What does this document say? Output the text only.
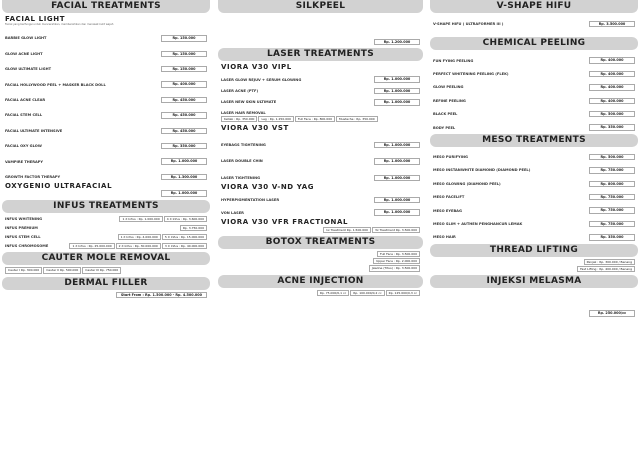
FACIAL TREATMENTS
FACIAL LIGHT
Facial yang berfungsi untuk mencerahkan, membersihkan dan merawat kulit wajah
BARBIE GLOW LIGHT	Rp. 150.000
GLOW ACNE LIGHT	Rp. 150.000
GLOW ULTIMATE LIGHT	Rp. 150.000
FACIAL HOLLYWOOD PEEL + MASKER BLACK DOLL	Rp. 400.000
FACIAL ACNE CLEAR	Rp. 450.000
FACIAL STEM CELL	Rp. 450.000
FACIAL ULTIMATE INTENSIVE	Rp. 450.000
FACIAL OXY GLOW	Rp. 350.000
VAMPIRE THERAPY	Rp. 1.000.000
GROWTH FACTOR THERAPY	Rp. 1.300.000
OXYGENIO ULTRAFACIAL
Rp. 1.000.000
INFUS TREATMENTS
INFUS WHITENING	1 X Infus : Rp. 1.000.000	4 X Infus : Rp. 3.600.000
INFUS PREMIUM	Rp. 3.750.000
INFUS STEM CELL	1 X Infus : Rp. 4.000.000	5 X Infus : Rp. 15.000.000
INFUS CHROMOSOME	1 X Infus : Rp. 25.000.000	2 X Infus : Rp. 30.000.000	3 X Infus : Rp. 40.000.000
CAUTER MOLE REMOVAL
Cauter I Rp. 300.000	Cauter II Rp. 500.000	Cauter III Rp. 750.000
DERMAL FILLER
Start From : Rp. 1.500.000 - Rp. 4.500.000
SILKPEEL
Rp. 1.200.000
LASER TREATMENTS
VIORA V30 VIPL
LASER GLOW REJUV + SERUM GLOWING	Rp. 1.000.000
LASER ACNE (PTF)	Rp. 1.000.000
LASER NEW SKIN ULTIMATE	Rp. 1.000.000
LASER HAIR REMOVAL
Ketiak : Rp. 350.000	Leg : Rp. 1.250.000	Full Face : Rp. 800.000	Mustache : Rp. 350.000
VIORA V30 VST
EYEBAGS TIGHTENING	Rp. 1.000.000
LASER DOUBLE CHIN	Rp. 1.000.000
LASER TIGHTENING	Rp. 1.000.000
VIORA V30 V-ND YAG
HYPERPIGMENTATION LASER	Rp. 1.000.000
VON LASER	Rp. 1.000.000
VIORA V30 VFR FRACTIONAL
1x Treatment Rp. 1.500.000	3x Treatment Rp. 3.500.000
BOTOX TREATMENTS
Full Face : Rp. 3.500.000
Upper Face : Rp. 2.000.000
Jawline (Titus) : Rp. 3.500.000
ACNE INJECTION
Rp. 75.000/0,1 cc	Rp. 100.000/0,2 cc	Rp. 125.000/0,3 cc
V-SHAPE HIFU
V-SHAPE HIFU ( ULTRAFORMER III )	Rp. 3.500.000
CHEMICAL PEELING
FUN FYING PEELING	Rp. 400.000
PERFECT WHITENING PEELING (FLEK)	Rp. 400.000
GLOW PEELING	Rp. 400.000
REFINE PEELING	Rp. 400.000
BLACK PEEL	Rp. 500.000
BODY PEEL	Rp. 350.000
MESO TREATMENTS
MESO PURIFYING	Rp. 500.000
MESO INSTANWHITE DIAMOND (DIAMOND PEEL)	Rp. 750.000
MESO GLOWING (DIAMOND PEEL)	Rp. 800.000
MESO FACELIFT	Rp. 750.000
MESO EYEBAG	Rp. 750.000
MESO SLIM + AUTHEN PENGHANCUR LEMAK	Rp. 750.000
MESO HAIR	Rp. 350.000
THREAD LIFTING
Panjak : Rp. 300.000 / Benang
Fast Lifting : Rp. 400.000 / Benang
INJEKSI MELASMA
Rp. 250.000/cc
